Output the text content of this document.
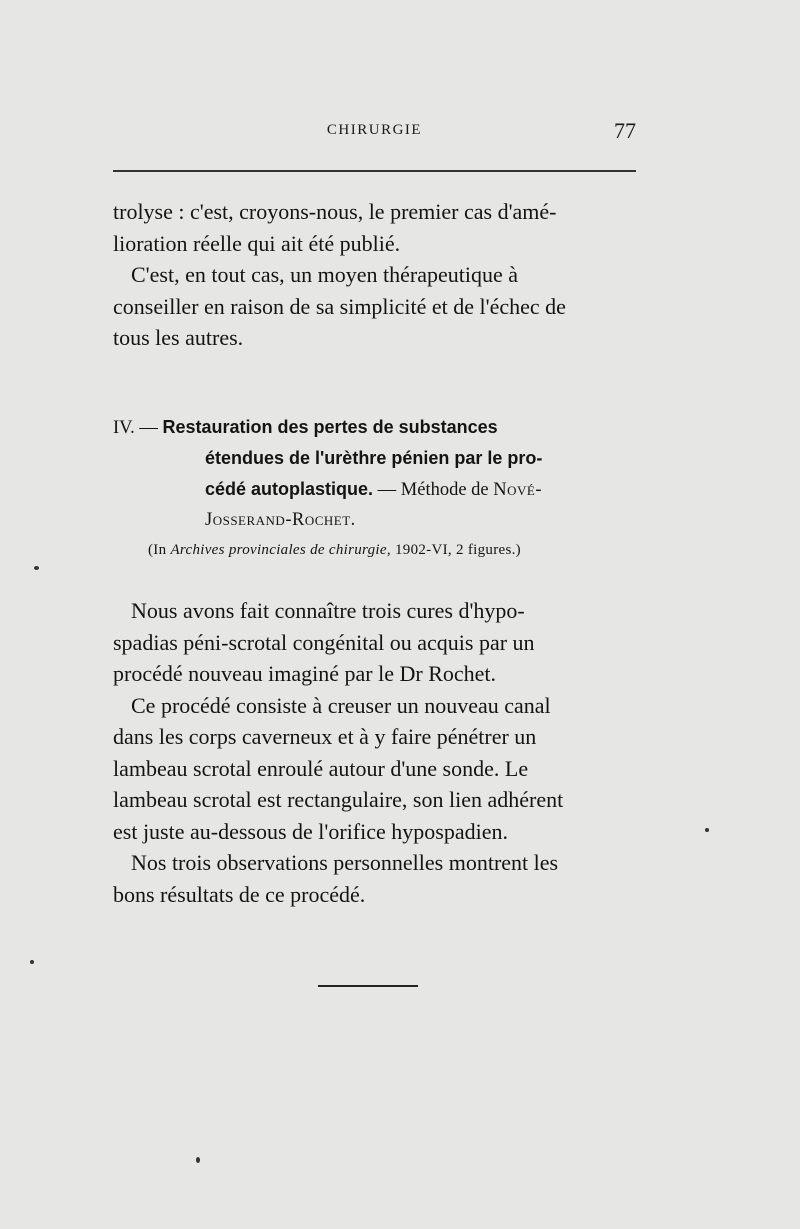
CHIRURGIE	77

trolyse : c'est, croyons-nous, le premier cas d'amé-
lioration réelle qui ait été publié.

C'est, en tout cas, un moyen thérapeutique à
conseiller en raison de sa simplicité et de l'échec de
tous les autres.

IV. — Restauration des pertes de substances
étendues de l'urèthre pénien par le pro-
cédé autoplastique. — Méthode de Nové-
Josserand-Rochet.
(In Archives provinciales de chirurgie, 1902-VI, 2 figures.)

Nous avons fait connaître trois cures d'hypo-
spadias péni-scrotal congénital ou acquis par un
procédé nouveau imaginé par le Dr Rochet.

Ce procédé consiste à creuser un nouveau canal
dans les corps caverneux et à y faire pénétrer un
lambeau scrotal enroulé autour d'une sonde. Le
lambeau scrotal est rectangulaire, son lien adhérent
est juste au-dessous de l'orifice hypospadien.

Nos trois observations personnelles montrent les
bons résultats de ce procédé.
